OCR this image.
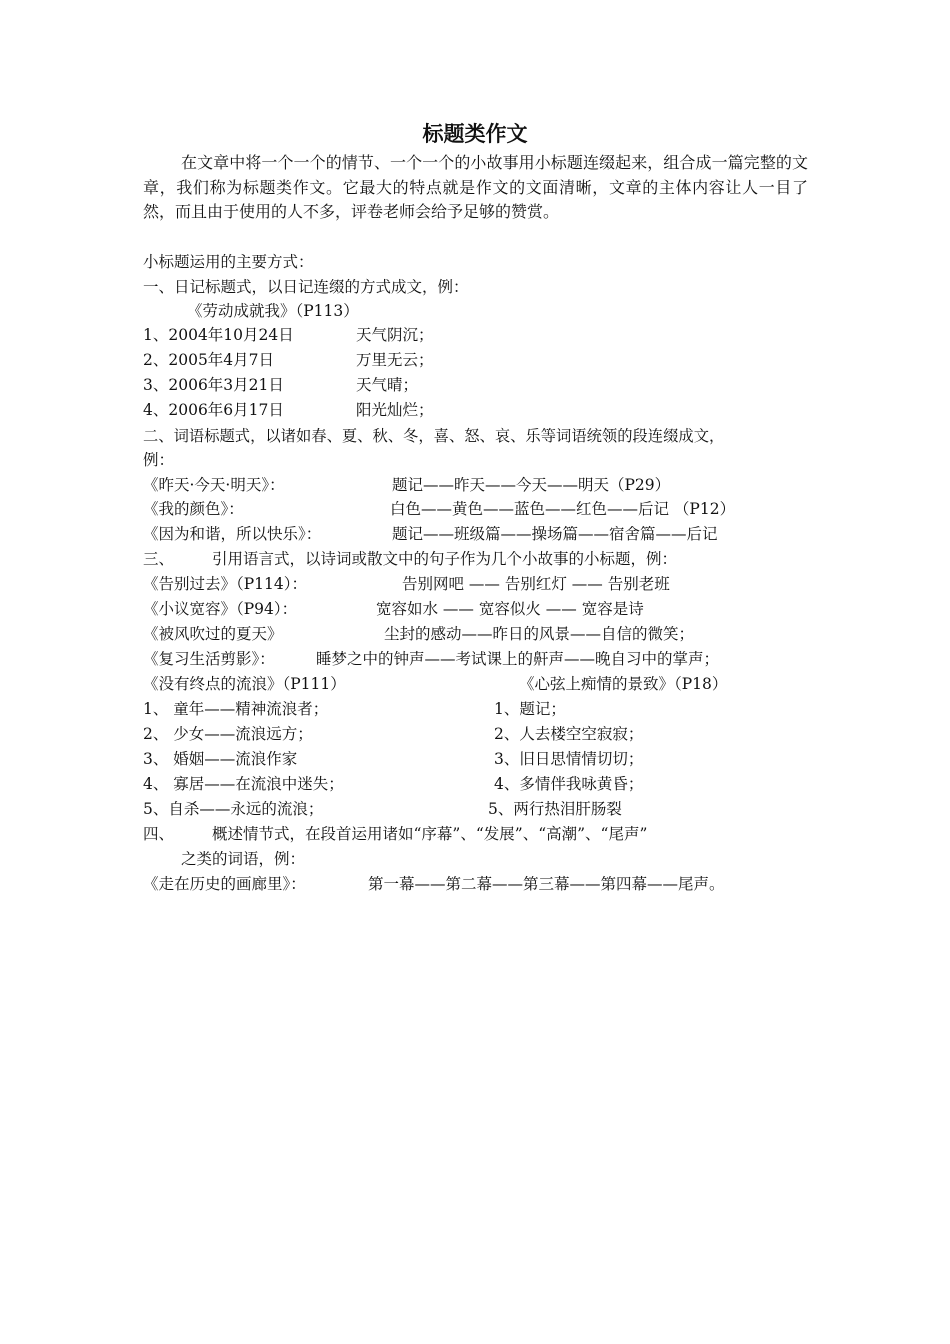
标题类作文
在文章中将一个一个的情节、一个一个的小故事用小标题连缀起来，组合成一篇完整的文章，我们称为标题类作文。它最大的特点就是作文的文面清晰，文章的主体内容让人一目了然，而且由于使用的人不多，评卷老师会给予足够的赞赏。
小标题运用的主要方式：
一、日记标题式，以日记连缀的方式成文，例：
《劳动成就我》（P113）
1、2004年10月24日	天气阴沉；
2、2005年4月7日	万里无云；
3、2006年3月21日	天气晴；
4、2006年6月17日	阳光灿烂；
二、词语标题式，以诸如春、夏、秋、冬，喜、怒、哀、乐等词语统领的段连缀成文，
例：
《昨天·今天·明天》：	题记——昨天——今天——明天（P29）
《我的颜色》：	白色——黄色——蓝色——红色——后记 （P12）
《因为和谐，所以快乐》：	题记——班级篇——操场篇——宿舍篇——后记
三、 引用语言式，以诗词或散文中的句子作为几个小故事的小标题，例：
《告别过去》（P114）：	告别网吧 —— 告别红灯 —— 告别老班
《小议宽容》（P94）：	宽容如水 —— 宽容似火 —— 宽容是诗
《被风吹过的夏天》	尘封的感动——昨日的风景——自信的微笑；
《复习生活剪影》：	睡梦之中的钟声——考试课上的鼾声——晚自习中的掌声；
《没有终点的流浪》（P111）	《心弦上痴情的景致》（P18）
1、 童年——精神流浪者；	1、题记；
2、 少女——流浪远方；	2、人去楼空空寂寂；
3、 婚姻——流浪作家	3、旧日思情情切切；
4、 寡居——在流浪中迷失；	4、多情伴我咏黄昏；
5、自杀——永远的流浪；	5、两行热泪肝肠裂
四、 概述情节式，在段首运用诸如“序幕”、“发展”、“高潮”、“尾声”
之类的词语，例：
《走在历史的画廊里》：	第一幕——第二幕——第三幕——第四幕——尾声。
